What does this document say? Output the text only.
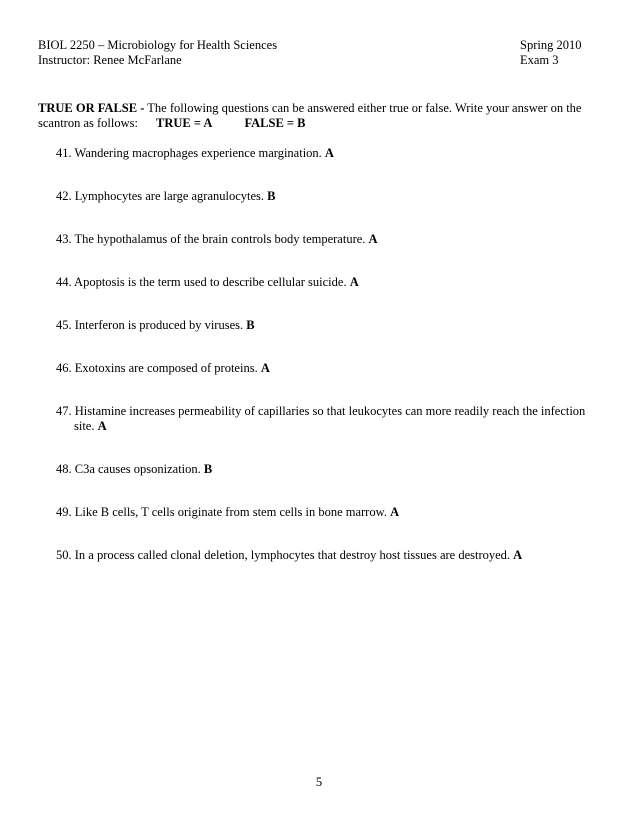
BIOL 2250 – Microbiology for Health Sciences	Spring 2010
Instructor: Renee McFarlane	Exam 3
TRUE OR FALSE - The following questions can be answered either true or false. Write your answer on the
scantron as follows: TRUE = A	FALSE = B
41. Wandering macrophages experience margination. A
42. Lymphocytes are large agranulocytes. B
43. The hypothalamus of the brain controls body temperature. A
44. Apoptosis is the term used to describe cellular suicide. A
45. Interferon is produced by viruses. B
46. Exotoxins are composed of proteins. A
47. Histamine increases permeability of capillaries so that leukocytes can more readily reach the infection site. A
48. C3a causes opsonization. B
49. Like B cells, T cells originate from stem cells in bone marrow. A
50. In a process called clonal deletion, lymphocytes that destroy host tissues are destroyed. A
5
